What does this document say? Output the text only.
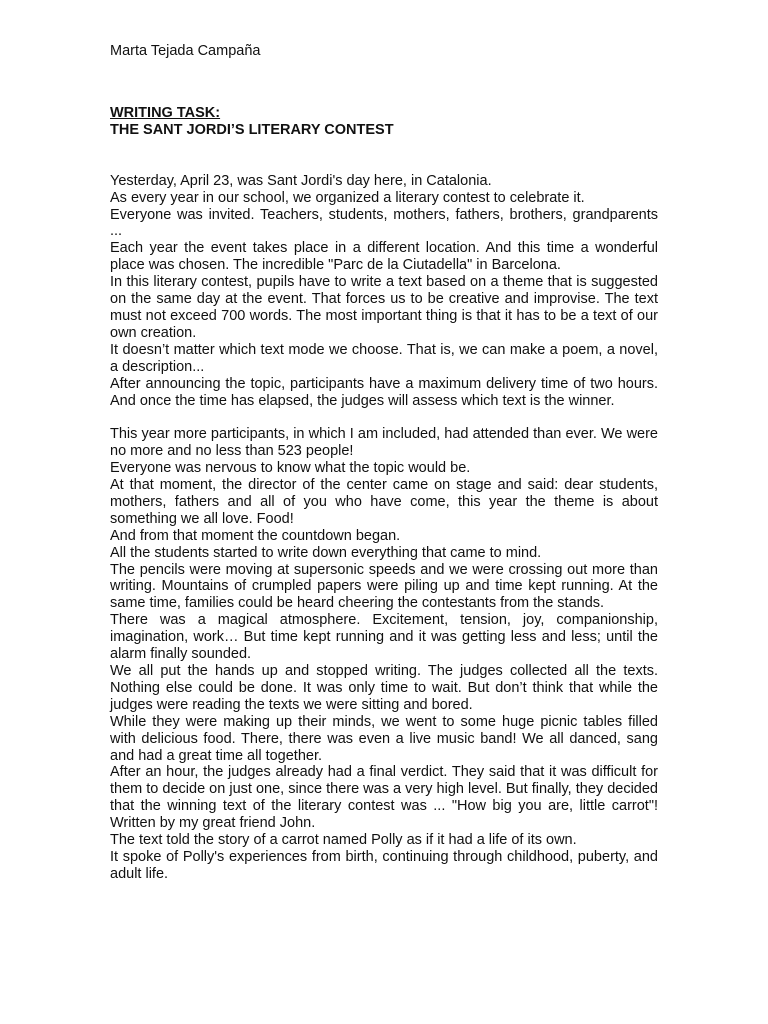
Marta Tejada Campaña

WRITING TASK:

THE SANT JORDI’S LITERARY CONTEST

Yesterday, April 23, was Sant Jordi's day here, in Catalonia.

As every year in our school, we organized a literary contest to celebrate it.

Everyone was invited. Teachers, students, mothers, fathers, brothers, grandparents ...

Each year the event takes place in a different location. And this time a wonderful place was chosen. The incredible "Parc de la Ciutadella" in Barcelona.

In this literary contest, pupils have to write a text based on a theme that is suggested on the same day at the event. That forces us to be creative and improvise. The text must not exceed 700 words. The most important thing is that it has to be a text of our own creation.

It doesn’t matter which text mode we choose. That is, we can make a poem, a novel, a description...

After announcing the topic, participants have a maximum delivery time of two hours. And once the time has elapsed, the judges will assess which text is the winner.

This year more participants, in which I am included, had attended than ever. We were no more and no less than 523 people!

Everyone was nervous to know what the topic would be.

At that moment, the director of the center came on stage and said: dear students, mothers, fathers and all of you who have come, this year the theme is about something we all love. Food!

And from that moment the countdown began.

All the students started to write down everything that came to mind.

The pencils were moving at supersonic speeds and we were crossing out more than writing. Mountains of crumpled papers were piling up and time kept running. At the same time, families could be heard cheering the contestants from the stands.

There was a magical atmosphere. Excitement, tension, joy, companionship, imagination, work… But time kept running and it was getting less and less; until the alarm finally sounded.

We all put the hands up and stopped writing. The judges collected all the texts. Nothing else could be done. It was only time to wait. But don’t think that while the judges were reading the texts we were sitting and bored.

While they were making up their minds, we went to some huge picnic tables filled with delicious food. There, there was even a live music band! We all danced, sang and had a great time all together.

After an hour, the judges already had a final verdict. They said that it was difficult for them to decide on just one, since there was a very high level. But finally, they decided that the winning text of the literary contest was ... "How big you are, little carrot"! Written by my great friend John.

The text told the story of a carrot named Polly as if it had a life of its own.

It spoke of Polly's experiences from birth, continuing through childhood, puberty, and adult life.
